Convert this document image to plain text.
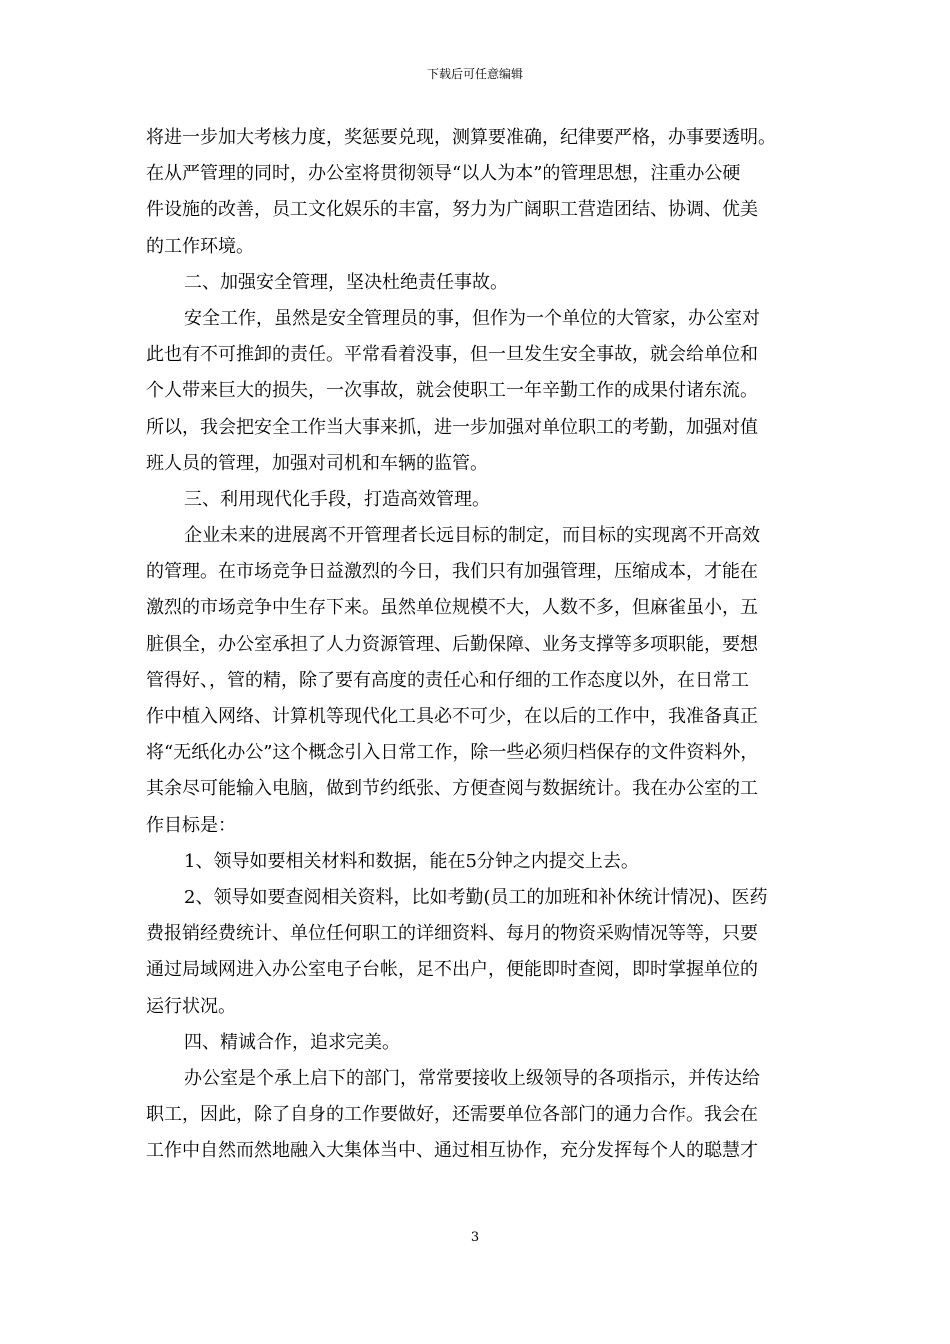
下载后可任意编辑
将进一步加大考核力度，奖惩要兑现，测算要准确，纪律要严格，办事要透明。
在从严管理的同时，办公室将贯彻领导“以人为本”的管理思想，注重办公硬
件设施的改善，员工文化娱乐的丰富，努力为广阔职工营造团结、协调、优美
的工作环境。
二、加强安全管理，坚决杜绝责任事故。
安全工作，虽然是安全管理员的事，但作为一个单位的大管家，办公室对
此也有不可推卸的责任。平常看着没事，但一旦发生安全事故，就会给单位和
个人带来巨大的损失，一次事故，就会使职工一年辛勤工作的成果付诸东流。
所以，我会把安全工作当大事来抓，进一步加强对单位职工的考勤，加强对值
班人员的管理，加强对司机和车辆的监管。
三、利用现代化手段，打造高效管理。
企业未来的进展离不开管理者长远目标的制定，而目标的实现离不开高效
的管理。在市场竞争日益激烈的今日，我们只有加强管理，压缩成本，才能在
激烈的市场竞争中生存下来。虽然单位规模不大，人数不多，但麻雀虽小，五
脏俱全，办公室承担了人力资源管理、后勤保障、业务支撑等多项职能，要想
管得好、，管的精，除了要有高度的责任心和仔细的工作态度以外，在日常工
作中植入网络、计算机等现代化工具必不可少，在以后的工作中，我准备真正
将“无纸化办公”这个概念引入日常工作，除一些必须归档保存的文件资料外，
其余尽可能输入电脑，做到节约纸张、方便查阅与数据统计。我在办公室的工
作目标是：
1、领导如要相关材料和数据，能在5分钟之内提交上去。
2、领导如要查阅相关资料，比如考勤(员工的加班和补休统计情况)、医药
费报销经费统计、单位任何职工的详细资料、每月的物资采购情况等等，只要
通过局域网进入办公室电子台帐，足不出户，便能即时查阅，即时掌握单位的
运行状况。
四、精诚合作，追求完美。
办公室是个承上启下的部门，常常要接收上级领导的各项指示，并传达给
职工，因此，除了自身的工作要做好，还需要单位各部门的通力合作。我会在
工作中自然而然地融入大集体当中、通过相互协作，充分发挥每个人的聪慧才
3
